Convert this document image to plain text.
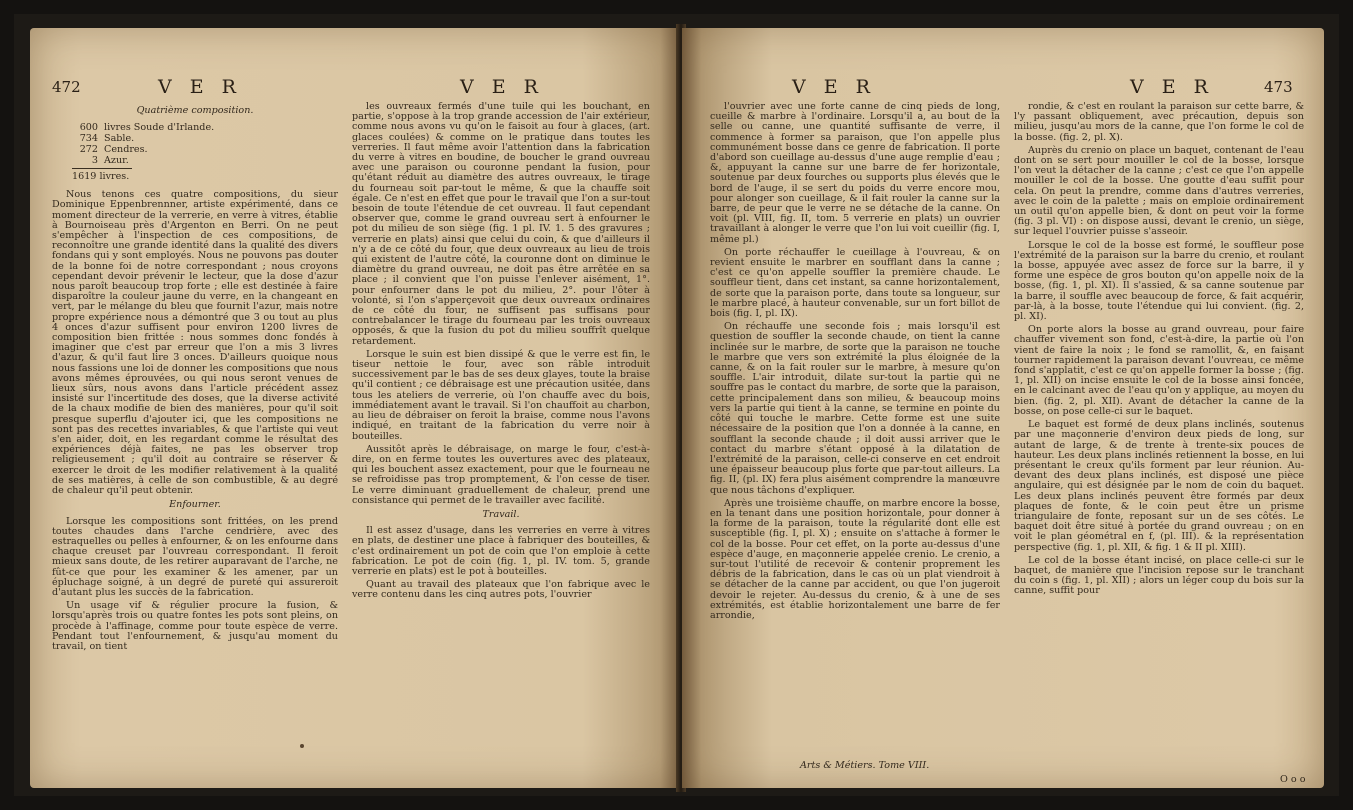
472	V E R	V E R

Quatrième composition.

600 livres Soude d'Irlande.
734 Sable.
272 Cendres.
3 Azur.
1619 livres.

Nous tenons ces quatre compositions, du sieur Dominique Eppenbrennner, artiste expérimenté, dans ce moment directeur de la verrerie, en verre à vitres, établie à Bournoiseau près d'Argenton en Berri. On ne peut s'empêcher à l'inspection de ces compositions, de reconnoître une grande identité dans la qualité des divers fondans qui y sont employés. Nous ne pouvons pas douter de la bonne foi de notre correspondant ; nous croyons cependant devoir prévenir le lecteur, que la dose d'azur nous paroît beaucoup trop forte ; elle est destinée à faire disparoître la couleur jaune du verre, en la changeant en vert, par le mélange du bleu que fournit l'azur, mais notre propre expérience nous a démontré que 3 ou tout au plus 4 onces d'azur suffisent pour environ 1200 livres de composition bien frittée : nous sommes donc fondés à imaginer que c'est par erreur que l'on a mis 3 livres d'azur, & qu'il faut lire 3 onces. D'ailleurs quoique nous nous fassions une loi de donner les compositions que nous avons mêmes éprouvées, ou qui nous seront venues de lieux sûrs, nous avons dans l'article précédent assez insisté sur l'incertitude des doses, que la diverse activité de la chaux modifie de bien des manières, pour qu'il soit presque superflu d'ajouter ici, que les compositions ne sont pas des recettes invariables, & que l'artiste qui veut s'en aider, doit, en les regardant comme le résultat des expériences déjà faites, ne pas les observer trop religieusement ; qu'il doit au contraire se réserver & exercer le droit de les modifier relativement à la qualité de ses matières, à celle de son combustible, & au degré de chaleur qu'il peut obtenir.

Enfourner.

Lorsque les compositions sont frittées, on les prend toutes chaudes dans l'arche cendrière, avec des estraquelles ou pelles à enfourner, & on les enfourne dans chaque creuset par l'ouvreau correspondant. Il feroit mieux sans doute, de les retirer auparavant de l'arche, ne fût-ce que pour les examiner & les amener, par un épluchage soigné, à un degré de pureté qui assureroit d'autant plus les succès de la fabrication.

Un usage vif & régulier procure la fusion, & lorsqu'après trois ou quatre fontes les pots sont pleins, on procède à l'affinage, comme pour toute espèce de verre. Pendant tout l'enfournement, & jusqu'au moment du travail, on tient

les ouvreaux fermés d'une tuile qui les bouchant, en partie, s'oppose à la trop grande accession de l'air extérieur, comme nous avons vu qu'on le faisoit au four à glaces, (art. glaces coulées) & comme on le pratique dans toutes les verreries. Il faut même avoir l'attention dans la fabrication du verre à vitres en boudine, de boucher le grand ouvreau avec une paraison ou couronne pendant la fusion, pour qu'étant réduit au diamètre des autres ouvreaux, le tirage du fourneau soit par-tout le même, & que la chauffe soit égale. Ce n'est en effet que pour le travail que l'on a sur-tout besoin de toute l'étendue de cet ouvreau. Il faut cependant observer que, comme le grand ouvreau sert à enfourner le pot du milieu de son siège (fig. 1 pl. IV. 1. 5 des gravures ; verrerie en plats) ainsi que celui du coin, & que d'ailleurs il n'y a de ce côté du four, que deux ouvreaux au lieu de trois qui existent de l'autre côté, la couronne dont on diminue le diamètre du grand ouvreau, ne doit pas être arrêtée en sa place ; il convient que l'on puisse l'enlever aisément, 1°. pour enfourner dans le pot du milieu, 2°. pour l'ôter à volonté, si l'on s'apperçevoit que deux ouvreaux ordinaires de ce côté du four, ne suffisent pas suffisans pour contrebalancer le tirage du fourneau par les trois ouvreaux opposés, & que la fusion du pot du milieu souffrît quelque retardement.

Lorsque le suin est bien dissipé & que le verre est fin, le tiseur nettoie le four, avec son râble introduit successivement par le bas de ses deux glayes, toute la braise qu'il contient ; ce débraisage est une précaution usitée, dans tous les ateliers de verrerie, où l'on chauffe avec du bois, immédiatement avant le travail. Si l'on chauffoit au charbon, au lieu de débraiser on feroit la braise, comme nous l'avons indiqué, en traitant de la fabrication du verre noir à bouteilles.

Aussitôt après le débraisage, on marge le four, c'est-à-dire, on en ferme toutes les ouvertures avec des plateaux, qui les bouchent assez exactement, pour que le fourneau ne se refroidisse pas trop promptement, & l'on cesse de tiser. Le verre diminuant graduellement de chaleur, prend une consistance qui permet de le travailler avec facilité.

Travail.

Il est assez d'usage, dans les verreries en verre à vitres en plats, de destiner une place à fabriquer des bouteilles, & c'est ordinairement un pot de coin que l'on emploie à cette fabrication. Le pot de coin (fig. 1, pl. IV. tom. 5, grande verrerie en plats) est le pot à bouteilles.

Quant au travail des plateaux que l'on fabrique avec le verre contenu dans les cinq autres pots, l'ouvrier

V E R	V E R	473

l'ouvrier avec une forte canne de cinq pieds de long, cueille & marbre à l'ordinaire. Lorsqu'il a, au bout de la selle ou canne, une quantité suffisante de verre, il commence à former sa paraison, que l'on appelle plus communément bosse dans ce genre de fabrication. Il porte d'abord son cueillage au-dessus d'une auge remplie d'eau ; &, appuyant la canne sur une barre de fer horizontale, soutenue par deux fourches ou supports plus élevés que le bord de l'auge, il se sert du poids du verre encore mou, pour alonger son cueillage, & il fait rouler la canne sur la barre, de peur que le verre ne se détache de la canne. On voit (pl. VIII, fig. II, tom. 5 verrerie en plats) un ouvrier travaillant à alonger le verre que l'on lui voit cueillir (fig. I, même pl.)

On porte réchauffer le cueillage à l'ouvreau, & on revient ensuite le marbrer en soufflant dans la canne ; c'est ce qu'on appelle souffler la première chaude. Le souffleur tient, dans cet instant, sa canne horizontalement, de sorte que la paraison porte, dans toute sa longueur, sur le marbre placé, à hauteur convenable, sur un fort billot de bois (fig. I, pl. IX).

On réchauffe une seconde fois ; mais lorsqu'il est question de souffler la seconde chaude, on tient la canne inclinée sur le marbre, de sorte que la paraison ne touche le marbre que vers son extrémité la plus éloignée de la canne, & on la fait rouler sur le marbre, à mesure qu'on souffle. L'air introduit, dilate sur-tout la partie qui ne souffre pas le contact du marbre, de sorte que la paraison, cette principalement dans son milieu, & beaucoup moins vers la partie qui tient à la canne, se termine en pointe du côté qui touche le marbre. Cette forme est une suite nécessaire de la position que l'on a donnée à la canne, en soufflant la seconde chaude ; il doit aussi arriver que le contact du marbre s'étant opposé à la dilatation de l'extrémité de la paraison, celle-ci conserve en cet endroit une épaisseur beaucoup plus forte que par-tout ailleurs. La fig. II, (pl. IX) fera plus aisément comprendre la manœuvre que nous tâchons d'expliquer.

Après une troisième chauffe, on marbre encore la bosse, en la tenant dans une position horizontale, pour donner à la forme de la paraison, toute la régularité dont elle est susceptible (fig. I, pl. X) ; ensuite on s'attache à former le col de la bosse. Pour cet effet, on la porte au-dessus d'une espèce d'auge, en maçonnerie appelée crenio. Le crenio, a sur-tout l'utilité de recevoir & contenir proprement les débris de la fabrication, dans le cas où un plat viendroit à se détacher de la canne par accident, ou que l'on jugeroit devoir le rejeter. Au-dessus du crenio, & à une de ses extrémités, est établie horizontalement une barre de fer arrondie,

Arts & Métiers. Tome VIII.

rondie, & c'est en roulant la paraison sur cette barre, & l'y passant obliquement, avec précaution, depuis son milieu, jusqu'au mors de la canne, que l'on forme le col de la bosse. (fig. 2, pl. X).

Auprès du crenio on place un baquet, contenant de l'eau dont on se sert pour mouiller le col de la bosse, lorsque l'on veut la détacher de la canne ; c'est ce que l'on appelle mouiller le col de la bosse. Une goutte d'eau suffit pour cela. On peut la prendre, comme dans d'autres verreries, avec le coin de la palette ; mais on emploie ordinairement un outil qu'on appelle bien, & dont on peut voir la forme (fig. 3 pl. VI) : on dispose aussi, devant le crenio, un siège, sur lequel l'ouvrier puisse s'asseoir.

Lorsque le col de la bosse est formé, le souffleur pose l'extrémité de la paraison sur la barre du crenio, et roulant la bosse, appuyée avec assez de force sur la barre, il y forme une espèce de gros bouton qu'on appelle noix de la bosse, (fig. 1, pl. XI). Il s'assied, & sa canne soutenue par la barre, il souffle avec beaucoup de force, & fait acquérir, par-là, à la bosse, toute l'étendue qui lui convient. (fig. 2, pl. XI).

On porte alors la bosse au grand ouvreau, pour faire chauffer vivement son fond, c'est-à-dire, la partie où l'on vient de faire la noix ; le fond se ramollit, &, en faisant tourner rapidement la paraison devant l'ouvreau, ce même fond s'applatit, c'est ce qu'on appelle former la bosse ; (fig. 1, pl. XII) on incise ensuite le col de la bosse ainsi foncée, en le calcinant avec de l'eau qu'on y applique, au moyen du bien. (fig. 2, pl. XII). Avant de détacher la canne de la bosse, on pose celle-ci sur le baquet.

Le baquet est formé de deux plans inclinés, soutenus par une maçonnerie d'environ deux pieds de long, sur autant de large, & de trente à trente-six pouces de hauteur. Les deux plans inclinés retiennent la bosse, en lui présentant le creux qu'ils forment par leur réunion. Au-devant des deux plans inclinés, est disposé une pièce angulaire, qui est désignée par le nom de coin du baquet. Les deux plans inclinés peuvent être formés par deux plaques de fonte, & le coin peut être un prisme triangulaire de fonte, reposant sur un de ses côtés. Le baquet doit être situé à portée du grand ouvreau ; on en voit le plan géométral en f, (pl. III). & la représentation perspective (fig. 1, pl. XII, & fig. 1 & II pl. XIII).

Le col de la bosse étant incisé, on place celle-ci sur le baquet, de manière que l'incision repose sur le tranchant du coin s (fig. 1, pl. XII) ; alors un léger coup du bois sur la canne, suffit pour

O o o
